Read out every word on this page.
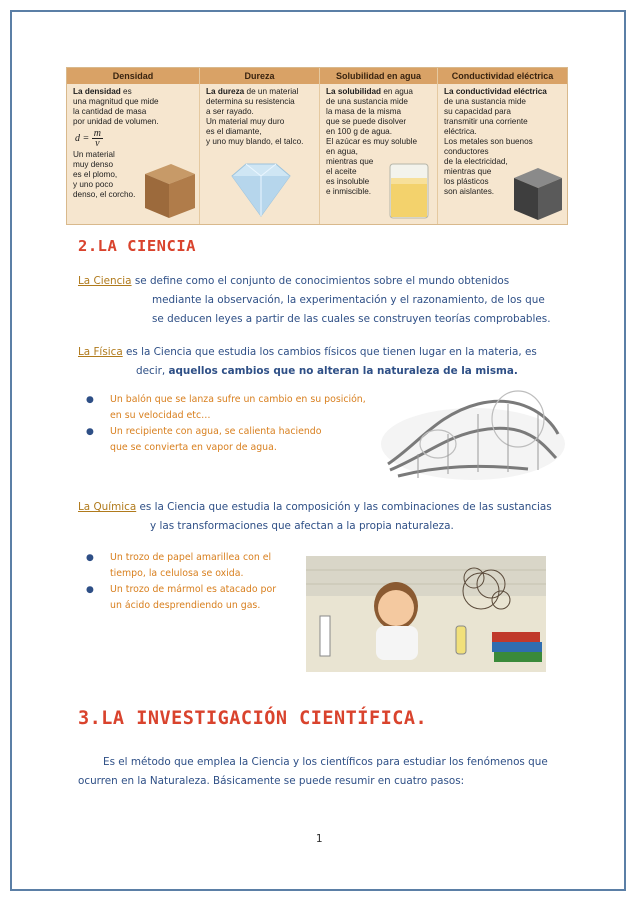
Densidad
La densidad es
una magnitud que mide
la cantidad de masa
por unidad de volumen.
$d = \frac{m}{v}$
Un material
muy denso
es el plomo,
y uno poco
denso, el corcho.
Dureza
La dureza de un material
determina su resistencia
a ser rayado.
Un material muy duro
es el diamante,
y uno muy blando, el talco.
Solubilidad en agua
La solubilidad en agua
de una sustancia mide
la masa de la misma
que se puede disolver
en 100 g de agua.
El azúcar es muy soluble
en agua,
mientras que
el aceite
es insoluble
e inmiscible.
Conductividad eléctrica
La conductividad eléctrica
de una sustancia mide
su capacidad para
transmitir una corriente
eléctrica.
Los metales son buenos
conductores
de la electricidad,
mientras que
los plásticos
son aislantes.
2.LA CIENCIA
La Ciencia se define como el conjunto de conocimientos sobre el mundo obtenidos
mediante la observación, la experimentación y el razonamiento, de los que
se deducen leyes a partir de las cuales se construyen teorías comprobables.
La Física es la Ciencia que estudia los cambios físicos que tienen lugar en la materia, es
decir, aquellos cambios que no alteran la naturaleza de la misma.
● Un balón que se lanza sufre un cambio en su posición,
en su velocidad etc…
● Un recipiente con agua, se calienta haciendo
que se convierta en vapor de agua.
La Química es la Ciencia que estudia la composición y las combinaciones de las sustancias
y las transformaciones que afectan a la propia naturaleza.
● Un trozo de papel amarillea con el
tiempo, la celulosa se oxida.
● Un trozo de mármol es atacado por
un ácido desprendiendo un gas.
3.LA INVESTIGACIÓN CIENTÍFICA.
Es el método que emplea la Ciencia y los científicos para estudiar los fenómenos que
ocurren en la Naturaleza. Básicamente se puede resumir en cuatro pasos:
1
